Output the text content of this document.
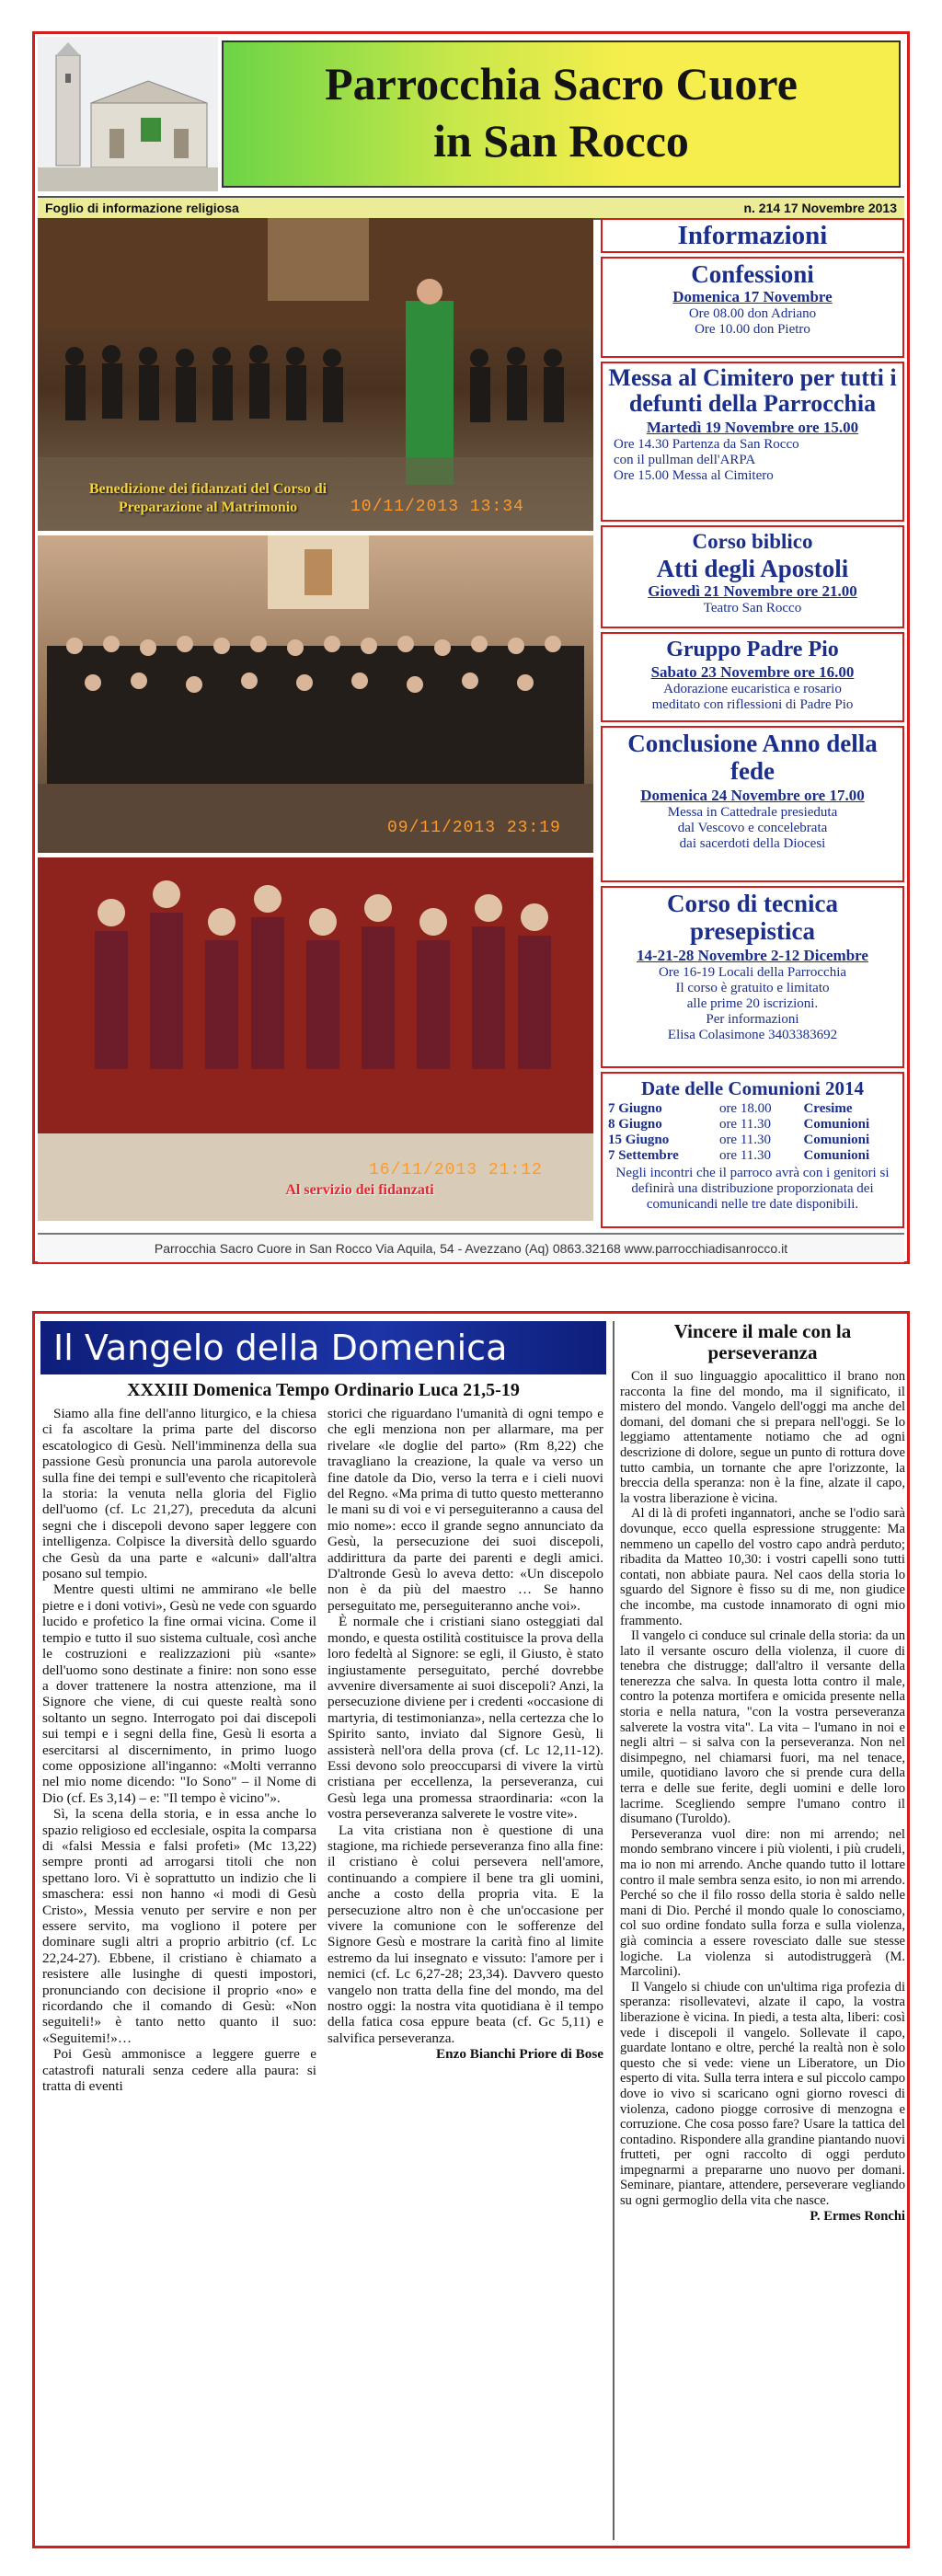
Parrocchia Sacro Cuore
in San Rocco
Foglio di informazione religiosa	n. 214 17 Novembre 2013
Benedizione dei fidanzati del Corso di Preparazione al Matrimonio	10/11/2013 13:34
09/11/2013 23:19
Al servizio dei fidanzati
16/11/2013 21:12
Informazioni
Confessioni
Domenica 17 Novembre
Ore 08.00 don Adriano
Ore 10.00 don Pietro
Messa al Cimitero per tutti i defunti della Parrocchia
Martedì 19 Novembre ore 15.00
Ore 14.30 Partenza da San Rocco
con il pullman dell'ARPA
Ore 15.00 Messa al Cimitero
Corso biblico
Atti degli Apostoli
Giovedì 21 Novembre ore 21.00
Teatro San Rocco
Gruppo Padre Pio
Sabato 23 Novembre ore 16.00
Adorazione eucaristica e rosario
meditato con riflessioni di Padre Pio
Conclusione Anno della fede
Domenica 24 Novembre ore 17.00
Messa in Cattedrale presieduta
dal Vescovo e concelebrata
dai sacerdoti della Diocesi
Corso di tecnica presepistica
14-21-28 Novembre 2-12 Dicembre
Ore 16-19 Locali della Parrocchia
Il corso è gratuito e limitato
alle prime 20 iscrizioni.
Per informazioni
Elisa Colasimone 3403383692
Date delle Comunioni 2014
7 Giugno	ore 18.00	Cresime
8 Giugno	ore 11.30	Comunioni
15 Giugno	ore 11.30	Comunioni
7 Settembre	ore 11.30	Comunioni
Negli incontri che il parroco avrà con i genitori si definirà una distribuzione proporzionata dei comunicandi nelle tre date disponibili.
Parrocchia Sacro Cuore in San Rocco Via Aquila, 54 - Avezzano (Aq) 0863.32168 www.parrocchiadisanrocco.it
Il Vangelo della Domenica
XXXIII Domenica Tempo Ordinario Luca 21,5-19

Siamo alla fine dell'anno liturgico, e la chiesa ci fa ascoltare la prima parte del discorso escatologico di Gesù. Nell'imminenza della sua passione Gesù pronuncia una parola autorevole sulla fine dei tempi e sull'evento che ricapitolerà la storia: la venuta nella gloria del Figlio dell'uomo (cf. Lc 21,27), preceduta da alcuni segni che i discepoli devono saper leggere con intelligenza. Colpisce la diversità dello sguardo che Gesù da una parte e «alcuni» dall'altra posano sul tempio.

Mentre questi ultimi ne ammirano «le belle pietre e i doni votivi», Gesù ne vede con sguardo lucido e profetico la fine ormai vicina. Come il tempio e tutto il suo sistema cultuale, così anche le costruzioni e realizzazioni più «sante» dell'uomo sono destinate a finire: non sono esse a dover trattenere la nostra attenzione, ma il Signore che viene, di cui queste realtà sono soltanto un segno. Interrogato poi dai discepoli sui tempi e i segni della fine, Gesù li esorta a esercitarsi al discernimento, in primo luogo come opposizione all'inganno: «Molti verranno nel mio nome dicendo: "Io Sono" – il Nome di Dio (cf. Es 3,14) – e: "Il tempo è vicino"».

Sì, la scena della storia, e in essa anche lo spazio religioso ed ecclesiale, ospita la comparsa di «falsi Messia e falsi profeti» (Mc 13,22) sempre pronti ad arrogarsi titoli che non spettano loro. Vi è soprattutto un indizio che li smaschera: essi non hanno «i modi di Gesù Cristo», Messia venuto per servire e non per essere servito, ma vogliono il potere per dominare sugli altri a proprio arbitrio (cf. Lc 22,24-27). Ebbene, il cristiano è chiamato a resistere alle lusinghe di questi impostori, pronunciando con decisione il proprio «no» e ricordando che il comando di Gesù: «Non seguiteli!» è tanto netto quanto il suo: «Seguitemi!»…

Poi Gesù ammonisce a leggere guerre e catastrofi naturali senza cedere alla paura: si tratta di eventi

storici che riguardano l'umanità di ogni tempo e che egli menziona non per allarmare, ma per rivelare «le doglie del parto» (Rm 8,22) che travagliano la creazione, la quale va verso un fine datole da Dio, verso la terra e i cieli nuovi del Regno. «Ma prima di tutto questo metteranno le mani su di voi e vi perseguiteranno a causa del mio nome»: ecco il grande segno annunciato da Gesù, la persecuzione dei suoi discepoli, addirittura da parte dei parenti e degli amici. D'altronde Gesù lo aveva detto: «Un discepolo non è da più del maestro … Se hanno perseguitato me, perseguiteranno anche voi».

È normale che i cristiani siano osteggiati dal mondo, e questa ostilità costituisce la prova della loro fedeltà al Signore: se egli, il Giusto, è stato ingiustamente perseguitato, perché dovrebbe avvenire diversamente ai suoi discepoli? Anzi, la persecuzione diviene per i credenti «occasione di martyria, di testimonianza», nella certezza che lo Spirito santo, inviato dal Signore Gesù, li assisterà nell'ora della prova (cf. Lc 12,11-12). Essi devono solo preoccuparsi di vivere la virtù cristiana per eccellenza, la perseveranza, cui Gesù lega una promessa straordinaria: «con la vostra perseveranza salverete le vostre vite».

La vita cristiana non è questione di una stagione, ma richiede perseveranza fino alla fine: il cristiano è colui persevera nell'amore, continuando a compiere il bene tra gli uomini, anche a costo della propria vita. E la persecuzione altro non è che un'occasione per vivere la comunione con le sofferenze del Signore Gesù e mostrare la carità fino al limite estremo da lui insegnato e vissuto: l'amore per i nemici (cf. Lc 6,27-28; 23,34). Davvero questo vangelo non tratta della fine del mondo, ma del nostro oggi: la nostra vita quotidiana è il tempo della fatica cosa eppure beata (cf. Gc 5,11) e salvifica perseveranza.

Enzo Bianchi Priore di Bose

Vincere il male con la perseveranza

Con il suo linguaggio apocalittico il brano non racconta la fine del mondo, ma il significato, il mistero del mondo. Vangelo dell'oggi ma anche del domani, del domani che si prepara nell'oggi. Se lo leggiamo attentamente notiamo che ad ogni descrizione di dolore, segue un punto di rottura dove tutto cambia, un tornante che apre l'orizzonte, la breccia della speranza: non è la fine, alzate il capo, la vostra liberazione è vicina.

Al di là di profeti ingannatori, anche se l'odio sarà dovunque, ecco quella espressione struggente: Ma nemmeno un capello del vostro capo andrà perduto; ribadita da Matteo 10,30: i vostri capelli sono tutti contati, non abbiate paura. Nel caos della storia lo sguardo del Signore è fisso su di me, non giudice che incombe, ma custode innamorato di ogni mio frammento.

Il vangelo ci conduce sul crinale della storia: da un lato il versante oscuro della violenza, il cuore di tenebra che distrugge; dall'altro il versante della tenerezza che salva. In questa lotta contro il male, contro la potenza mortifera e omicida presente nella storia e nella natura, "con la vostra perseveranza salverete la vostra vita". La vita – l'umano in noi e negli altri – si salva con la perseveranza. Non nel disimpegno, nel chiamarsi fuori, ma nel tenace, umile, quotidiano lavoro che si prende cura della terra e delle sue ferite, degli uomini e delle loro lacrime. Scegliendo sempre l'umano contro il disumano (Turoldo).

Perseveranza vuol dire: non mi arrendo; nel mondo sembrano vincere i più violenti, i più crudeli, ma io non mi arrendo. Anche quando tutto il lottare contro il male sembra senza esito, io non mi arrendo. Perché so che il filo rosso della storia è saldo nelle mani di Dio. Perché il mondo quale lo conosciamo, col suo ordine fondato sulla forza e sulla violenza, già comincia a essere rovesciato dalle sue stesse logiche. La violenza si autodistruggerà (M. Marcolini).

Il Vangelo si chiude con un'ultima riga profezia di speranza: risollevatevi, alzate il capo, la vostra liberazione è vicina. In piedi, a testa alta, liberi: così vede i discepoli il vangelo. Sollevate il capo, guardate lontano e oltre, perché la realtà non è solo questo che si vede: viene un Liberatore, un Dio esperto di vita. Sulla terra intera e sul piccolo campo dove io vivo si scaricano ogni giorno rovesci di violenza, cadono piogge corrosive di menzogna e corruzione. Che cosa posso fare? Usare la tattica del contadino. Rispondere alla grandine piantando nuovi frutteti, per ogni raccolto di oggi perduto impegnarmi a prepararne uno nuovo per domani. Seminare, piantare, attendere, perseverare vegliando su ogni germoglio della vita che nasce.

P. Ermes Ronchi
